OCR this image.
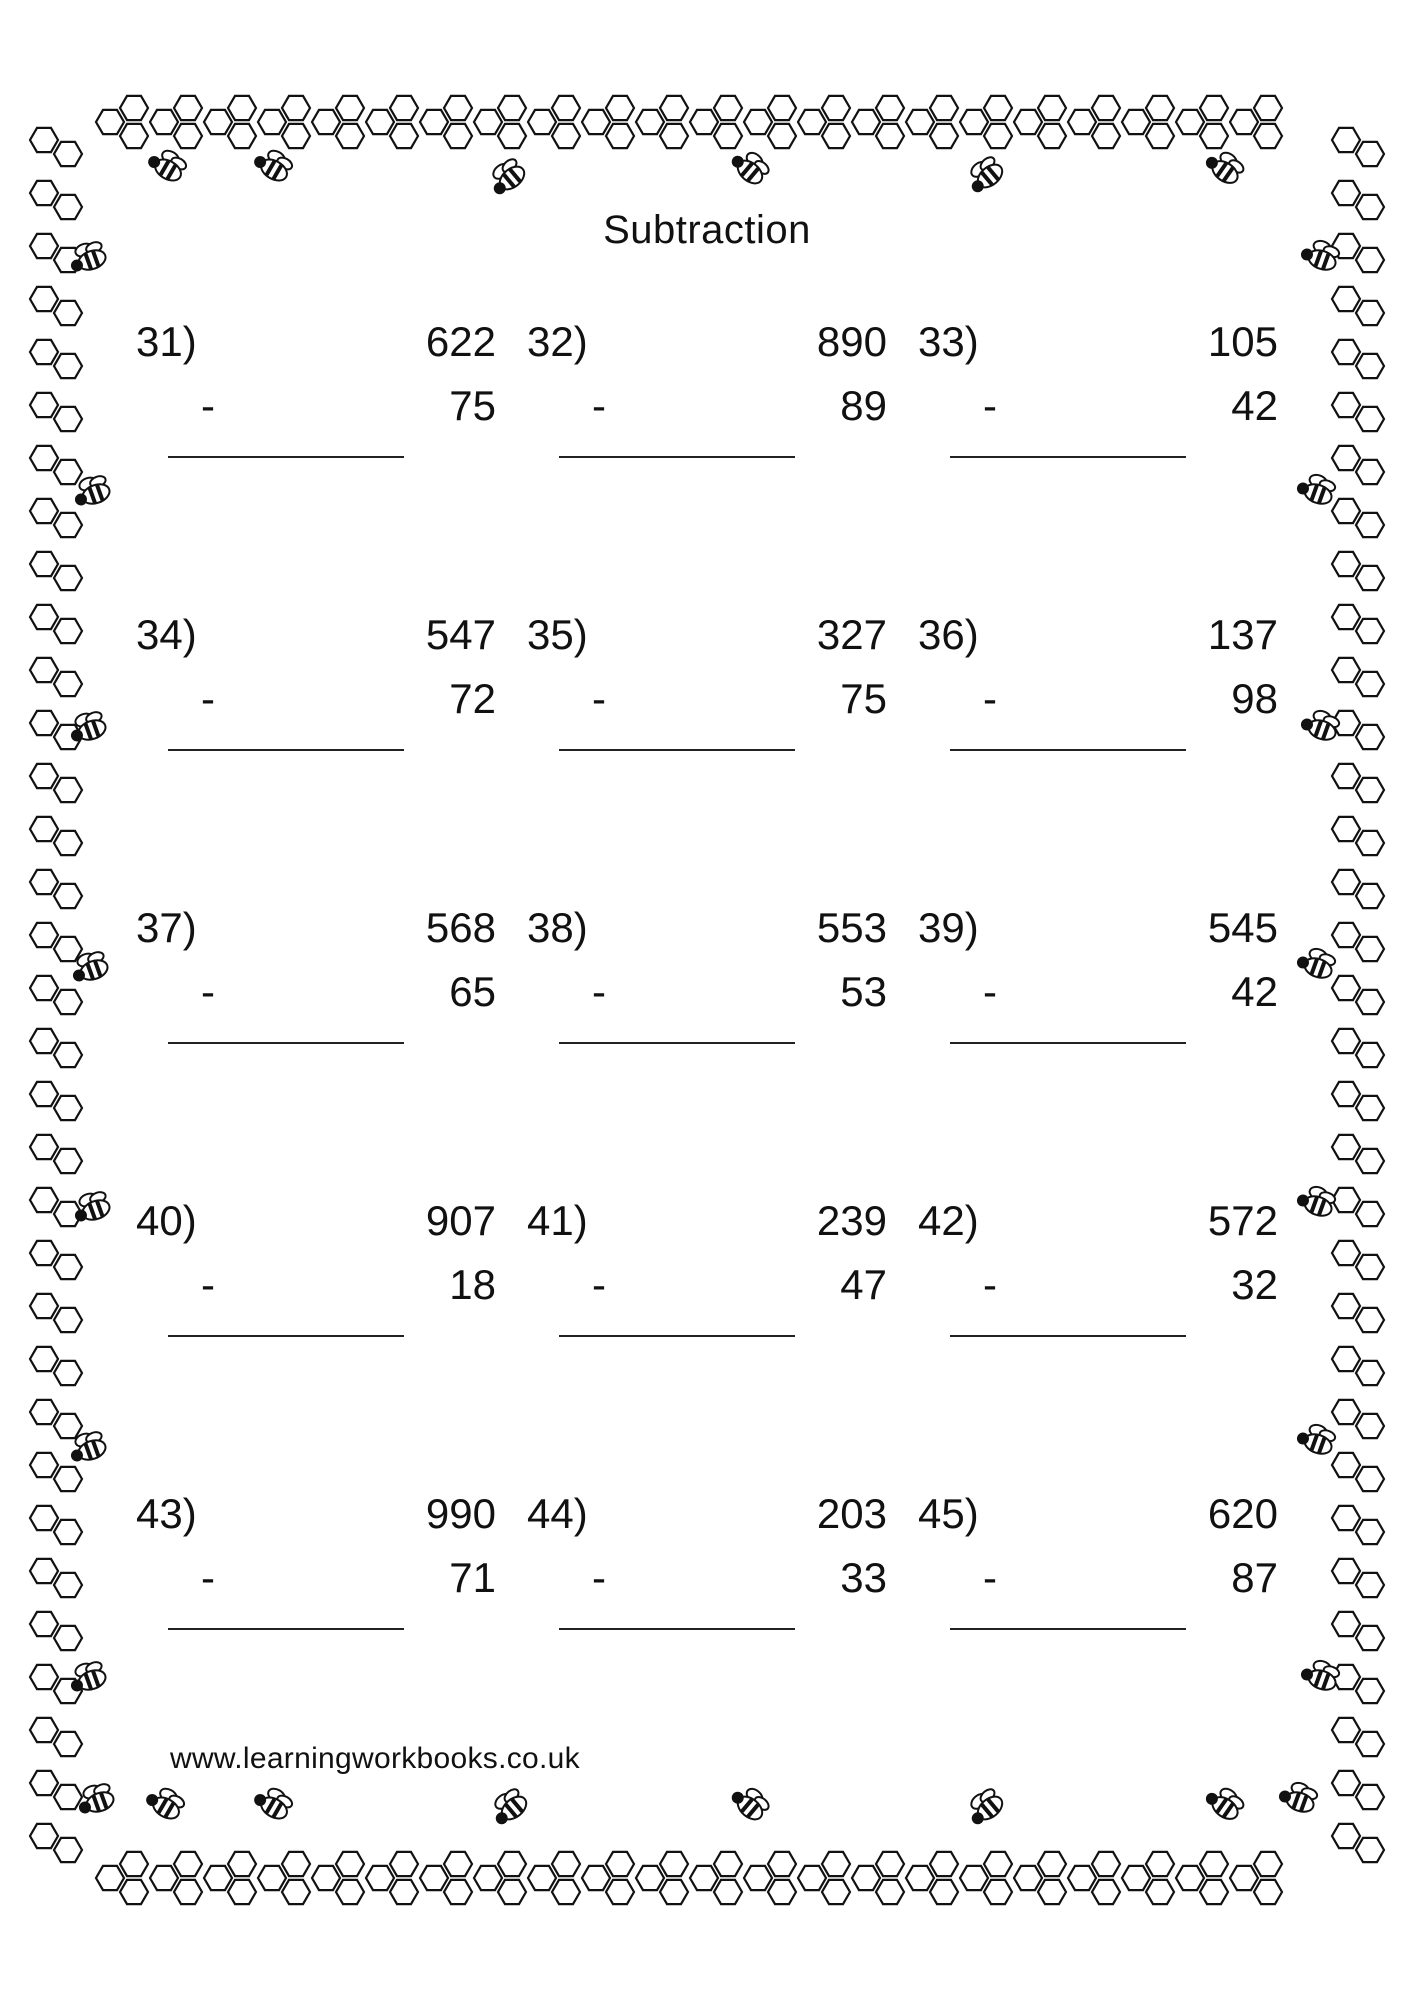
Subtraction
31)	622
-	75
32)	890
-	89
33)	105
-	42
34)	547
-	72
35)	327
-	75
36)	137
-	98
37)	568
-	65
38)	553
-	53
39)	545
-	42
40)	907
-	18
41)	239
-	47
42)	572
-	32
43)	990
-	71
44)	203
-	33
45)	620
-	87
www.learningworkbooks.co.uk
